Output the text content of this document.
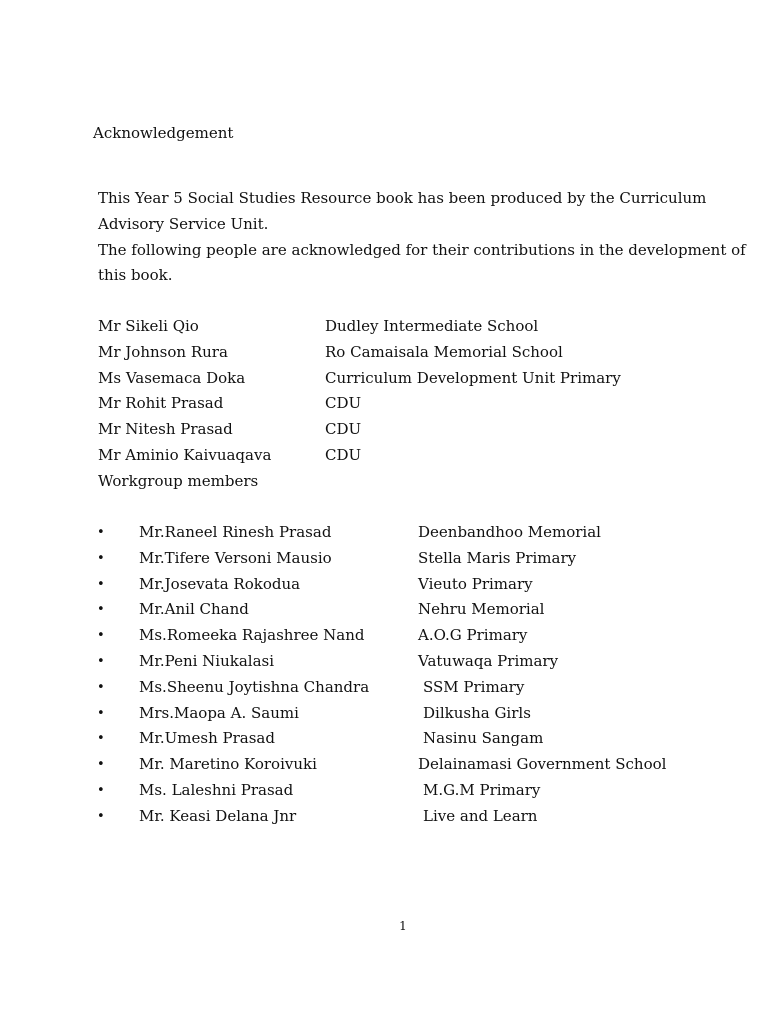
Acknowledgement

This Year 5 Social Studies Resource book has been produced by the Curriculum Advisory Service Unit.

The following people are acknowledged for their contributions in the development of this book.

Mr Sikeli Qio	Dudley Intermediate School
Mr Johnson Rura	Ro Camaisala Memorial School
Ms Vasemaca Doka	Curriculum Development Unit Primary
Mr Rohit Prasad	CDU
Mr Nitesh Prasad	CDU
Mr Aminio Kaivuaqava	CDU
Workgroup members
• Mr.Raneel Rinesh Prasad	Deenbandhoo Memorial
• Mr.Tifere Versoni Mausio	Stella Maris Primary
• Mr.Josevata Rokodua	Vieuto Primary
• Mr.Anil Chand	Nehru Memorial
• Ms.Romeeka Rajashree Nand	A.O.G Primary
• Mr.Peni Niukalasi	Vatuwaqa Primary
• Ms.Sheenu Joytishna Chandra	SSM Primary
• Mrs.Maopa A. Saumi	Dilkusha Girls
• Mr.Umesh Prasad	Nasinu Sangam
• Mr. Maretino Koroivuki	Delainamasi Government School
• Ms. Laleshni Prasad	M.G.M Primary
• Mr. Keasi Delana Jnr	Live and Learn
1
